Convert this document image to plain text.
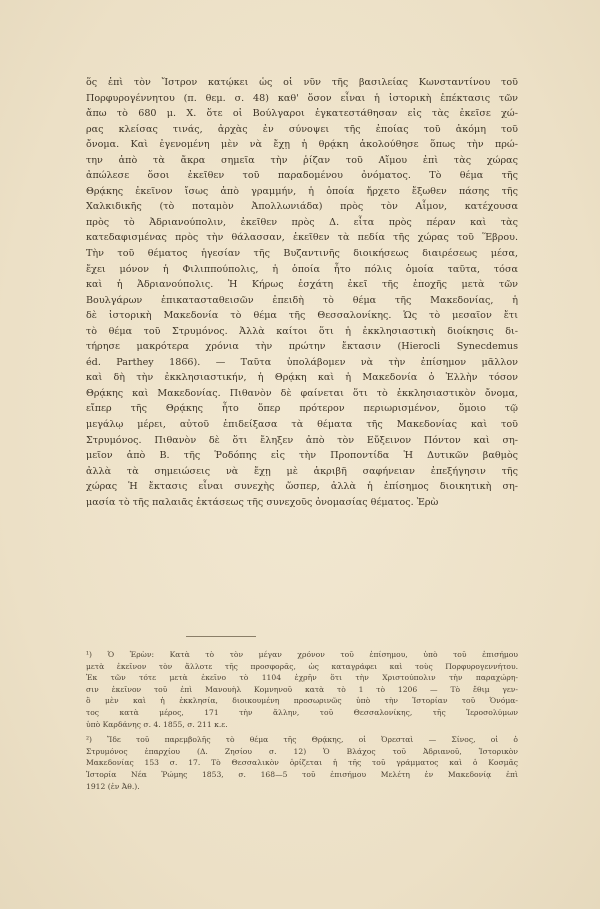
ὅς ἐπὶ τὸν Ἴστρον κατῴκει ὡς οἱ νῦν τῆς βασιλείας Κωνσταντίνου τοῦ
Πορφυρογέννητου (π. θεμ. σ. 48) καθ' ὅσον εἶναι ἡ ἱστορικὴ ἐπέκτασις τῶν
ἄπω τὸ 680 μ. Χ. ὅτε οἱ Βούλγαροι ἐγκατεστάθησαν εἰς τὰς ἐκεῖσε χώ-
ρας κλείσας τινάς, ἀρχὰς ἐν σύνοψει τῆς ἐποίας τοῦ ἀκόμη τοῦ
ὄνομα. Καὶ ἐγενομένη μὲν νὰ ἔχῃ ἡ θρᾴκη ἀκολούθησε ὅπως τὴν πρώ-
την ἀπὸ τὰ ἄκρα σημεῖα τὴν ῥίζαν τοῦ Αἵμου ἐπὶ τὰς χώρας
ἀπώλεσε ὅσοι ἐκεῖθεν τοῦ παραδομένου ὀνόματος. Τὸ θέμα τῆς
Θρᾴκης ἐκεῖνον ἴσως ἀπὸ γραμμήν, ἡ ὁποία ἤρχετο ἔξωθεν πάσης τῆς
Χαλκιδικῆς (τὸ ποταμὸν Ἀπολλωνιάδα) πρὸς τὸν Αἷμον, κατέχουσα
πρὸς τὸ Ἀδριανούπολιν, ἐκεῖθεν πρὸς Δ. εἶτα πρὸς πέραν καὶ τὰς
κατεδαφισμένας πρὸς τὴν θάλασσαν, ἐκεῖθεν τὰ πεδία τῆς χώρας τοῦ Ἕβρου.
Τὴν τοῦ θέματος ἡγεσίαν τῆς Βυζαντινῆς διοικήσεως διαιρέσεως μέσα,
ἔχει μόνον ἡ Φιλιππούπολις, ἡ ὁποία ἦτο πόλις ὁμοία ταῦτα, τόσα
καὶ ἡ Ἀδριανούπολις. Ἡ Κήρως ἐσχάτη ἐκεῖ τῆς ἐποχῆς μετὰ τῶν
Βουλγάρων ἐπικατασταθεισῶν ἐπειδὴ τὸ θέμα τῆς Μακεδονίας, ἡ
δὲ ἱστορικὴ Μακεδονία τὸ θέμα τῆς Θεσσαλονίκης. Ὡς τὸ μεσαῖον ἔτι
τὸ θέμα τοῦ Στρυμόνος. Ἀλλὰ καίτοι ὅτι ἡ ἐκκλησιαστικὴ διοίκησις δι-
τήρησε μακρότερα χρόνια τὴν πρώτην ἔκτασιν (Hierocli Synecdemus
éd. Parthey 1866). — Ταῦτα ὑπολάβομεν νὰ τὴν ἐπίσημον μᾶλλον
καὶ δὴ τὴν ἐκκλησιαστικήν, ἡ Θρᾴκη καὶ ἡ Μακεδονία ὁ Ἑλλὴν τόσον
Θρᾴκης καὶ Μακεδονίας. Πιθανὸν δὲ φαίνεται ὅτι τὸ ἐκκλησιαστικὸν ὄνομα,
εἴπερ τῆς Θρᾴκης ἦτο ὅπερ πρότερον περιωρισμένον, ὅμοιο τῷ
μεγάλῳ μέρει, αὐτοῦ ἐπιδείξασα τὰ θέματα τῆς Μακεδονίας καὶ τοῦ
Στρυμόνος. Πιθανὸν δὲ ὅτι ἔληξεν ἀπὸ τὸν Εὔξεινον Πόντον καὶ ση-
μεῖον ἀπὸ Β. τῆς Ῥοδόπης εἰς τὴν Προποντίδα Ἡ Δυτικῶν βαθμὸς
ἀλλὰ τὰ σημειώσεις νὰ ἔχῃ μὲ ἀκριβῆ σαφήνειαν ἐπεξήγησιν τῆς
χώρας Ἡ ἔκτασις εἶναι συνεχὴς ὥσπερ, ἀλλὰ ἡ ἐπίσημος διοικητικὴ ση-
μασία τὸ τῆς παλαιᾶς ἐκτάσεως τῆς συνεχοῦς ὀνομασίας θέματος. Ἐρὼ
¹) Ὁ Ἐρὼν: Κατὰ τὸ τὸν μέγαν χρόνον τοῦ ἐπίσημου, ὑπὸ τοῦ ἐπισήμου
μετὰ ἐκεῖνον τὸν ἄλλοτε τῆς προσφορᾶς, ὡς καταγράφει καὶ τοὺς Πορφυρογεννήτου.
Ἐκ τῶν τότε μετὰ ἐκεῖνο τὸ 1104 ἐχρῆν ὅτι τὴν Χριστούπολιν τὴν παραχώρη-
σιν ἐκεῖνον τοῦ ἐπὶ Μανουὴλ Κομνηνοῦ κατὰ τὸ 1 τὸ 1206 — Τὸ ἔθιμ γεν-
ὃ μὲν καὶ ἡ ἐκκλησία, διοικουμένη προσωρινῶς ὑπὸ τὴν Ἱστορίαν τοῦ Ὁνόμα-
τος κατὰ μέρος, 171 τὴν ἄλλην, τοῦ Θεσσαλονίκης, τῆς Ἱεροσολύμων
ὑπὸ Καρδάνης σ. 4. 1855, σ. 211 κ.ε.
²) Ἴδε τοῦ παρεμβολῆς τὸ θέμα τῆς Θρᾴκης, οἱ Ὀρεσταὶ — Σίνος, οἱ ὁ
Στρυμόνος ἐπαρχίου (Δ. Ζησίου σ. 12) Ὁ Βλάχος τοῦ Ἀδριανοῦ, Ἱστορικὸν
Μακεδονίας 153 σ. 17. Τὸ Θεσσαλικὸν ὁρίζεται ἡ τῆς τοῦ γράμματος καὶ ὁ Κοσμᾶς
Ἱστορία Νέα Ῥώμης 1853, σ. 168—5 τοῦ ἐπισήμου Μελέτη ἐν Μακεδονίᾳ ἐπὶ
1912 (ἐν Ἀθ.).
